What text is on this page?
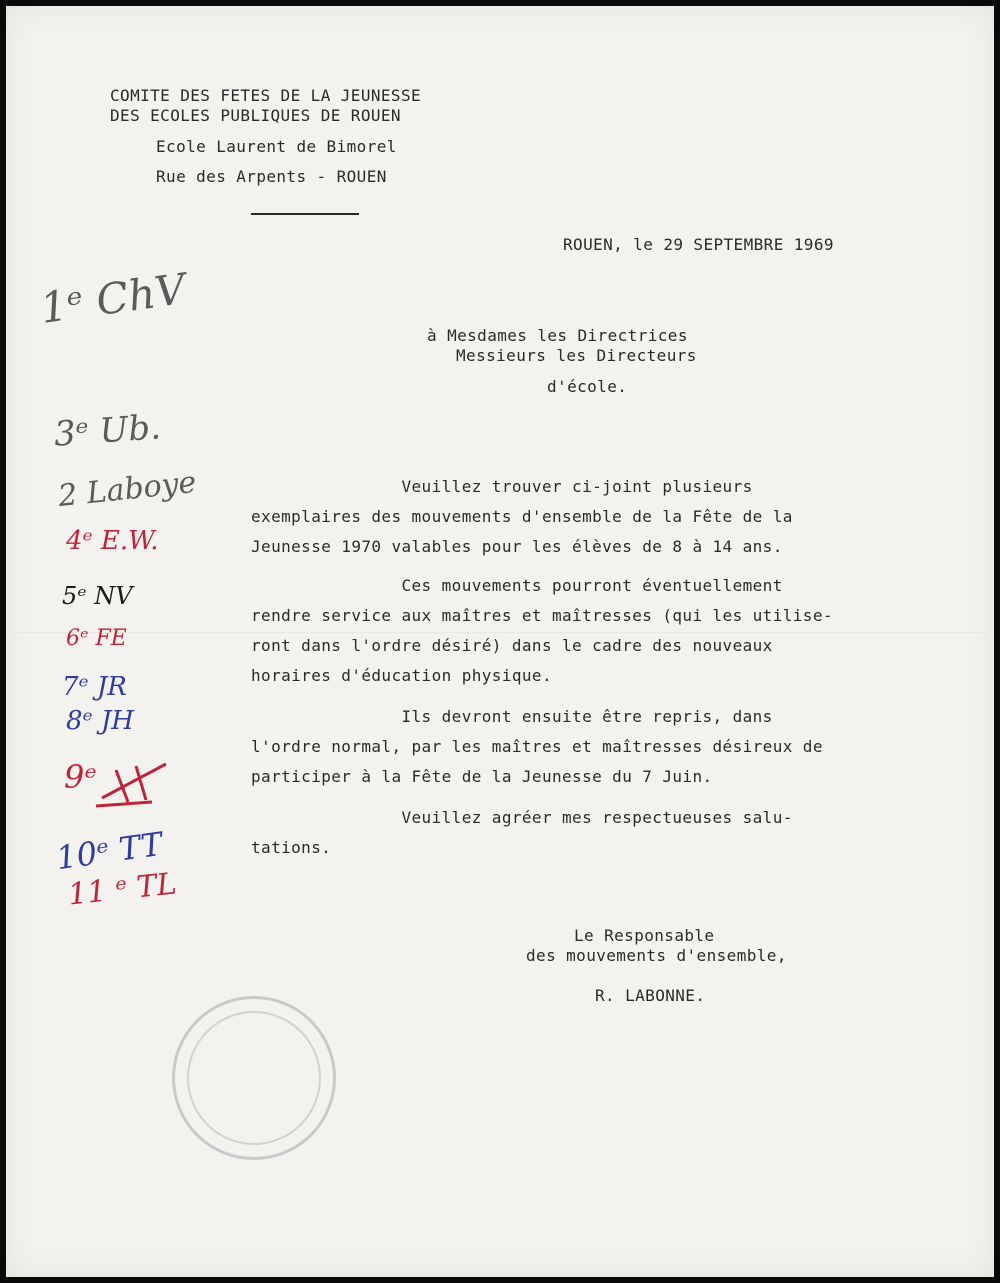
COMITE DES FETES DE LA JEUNESSE
DES ECOLES PUBLIQUES DE ROUEN
Ecole Laurent de Bimorel
Rue des Arpents - ROUEN
ROUEN, le 29 SEPTEMBRE 1969
à Mesdames les Directrices
Messieurs les Directeurs
d'école.
Veuillez trouver ci-joint plusieurs
exemplaires des mouvements d'ensemble de la Fête de la
Jeunesse 1970 valables pour les élèves de 8 à 14 ans.
Ces mouvements pourront éventuellement
rendre service aux maîtres et maîtresses (qui les utilise-
ront dans l'ordre désiré) dans le cadre des nouveaux
horaires d'éducation physique.
Ils devront ensuite être repris, dans
l'ordre normal, par les maîtres et maîtresses désireux de
participer à la Fête de la Jeunesse du 7 Juin.
Veuillez agréer mes respectueuses salu-
tations.
Le Responsable
des mouvements d'ensemble,
R. LABONNE.
1ᵉ ChV
3ᵉ Ub.
2 Laboye
4ᵉ E.W.
5ᵉ NV
6ᵉ FE
7ᵉ JR
8ᵉ JH
9ᵉ
10ᵉ TT
11 ᵉ TL
